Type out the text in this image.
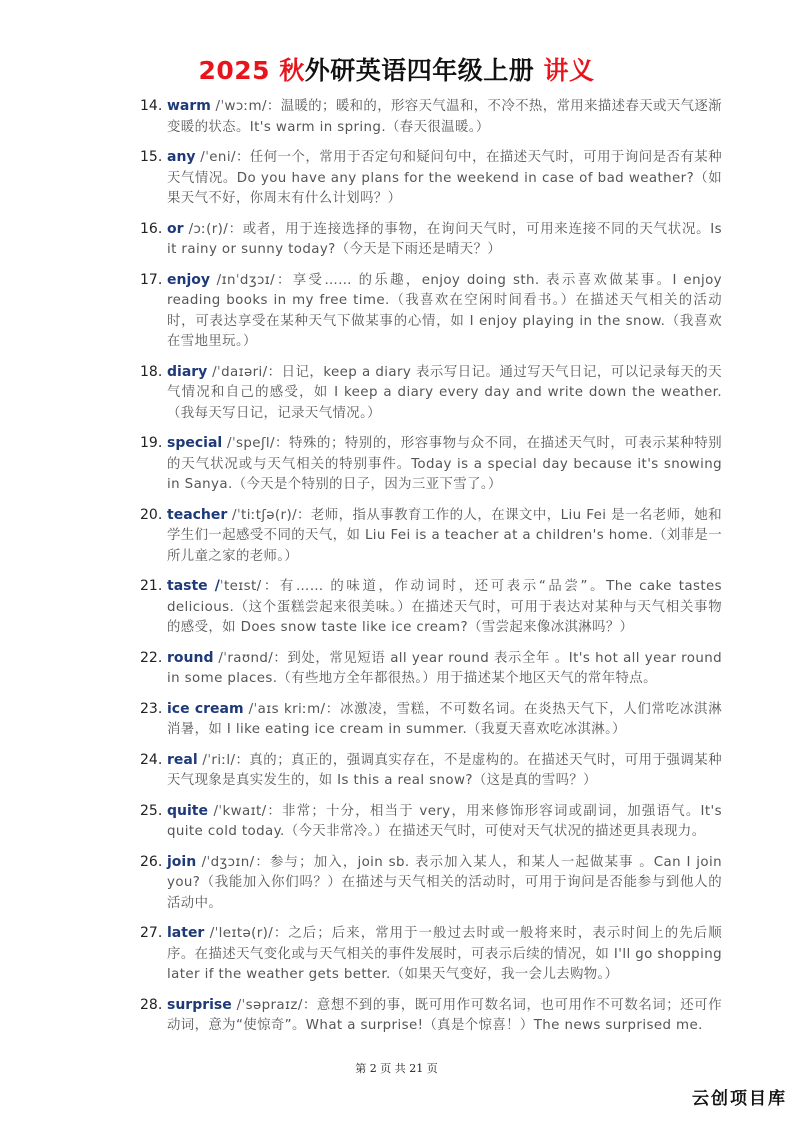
2025 秋外研英语四年级上册 讲义
14. warm /ˈwɔːm/：温暖的；暖和的，形容天气温和，不冷不热，常用来描述春天或天气逐渐变暖的状态。It's warm in spring.（春天很温暖。）
15. any /ˈeni/：任何一个，常用于否定句和疑问句中，在描述天气时，可用于询问是否有某种天气情况。Do you have any plans for the weekend in case of bad weather?（如果天气不好，你周末有什么计划吗？）
16. or /ɔː(r)/：或者，用于连接选择的事物，在询问天气时，可用来连接不同的天气状况。Is it rainy or sunny today?（今天是下雨还是晴天？）
17. enjoy /ɪnˈdʒɔɪ/：享受…… 的乐趣，enjoy doing sth. 表示喜欢做某事。I enjoy reading books in my free time.（我喜欢在空闲时间看书。）在描述天气相关的活动时，可表达享受在某种天气下做某事的心情，如 I enjoy playing in the snow.（我喜欢在雪地里玩。）
18. diary /ˈdaɪəri/：日记，keep a diary 表示写日记。通过写天气日记，可以记录每天的天气情况和自己的感受，如 I keep a diary every day and write down the weather.（我每天写日记，记录天气情况。）
19. special /ˈspeʃl/：特殊的；特别的，形容事物与众不同，在描述天气时，可表示某种特别的天气状况或与天气相关的特别事件。Today is a special day because it's snowing in Sanya.（今天是个特别的日子，因为三亚下雪了。）
20. teacher /ˈtiːtʃə(r)/：老师，指从事教育工作的人，在课文中，Liu Fei 是一名老师，她和学生们一起感受不同的天气，如 Liu Fei is a teacher at a children's home.（刘菲是一所儿童之家的老师。）
21. taste /ˈteɪst/：有…… 的味道，作动词时，还可表示“品尝”。The cake tastes delicious.（这个蛋糕尝起来很美味。）在描述天气时，可用于表达对某种与天气相关事物的感受，如 Does snow taste like ice cream?（雪尝起来像冰淇淋吗？）
22. round /ˈraʊnd/：到处，常见短语 all year round 表示全年 。It's hot all year round in some places.（有些地方全年都很热。）用于描述某个地区天气的常年特点。
23. ice cream /ˈaɪs kriːm/：冰激凌，雪糕，不可数名词。在炎热天气下，人们常吃冰淇淋消暑，如 I like eating ice cream in summer.（我夏天喜欢吃冰淇淋。）
24. real /ˈriːl/：真的；真正的，强调真实存在，不是虚构的。在描述天气时，可用于强调某种天气现象是真实发生的，如 Is this a real snow?（这是真的雪吗？）
25. quite /ˈkwaɪt/：非常；十分，相当于 very，用来修饰形容词或副词，加强语气。It's quite cold today.（今天非常冷。）在描述天气时，可使对天气状况的描述更具表现力。
26. join /ˈdʒɔɪn/：参与；加入，join sb. 表示加入某人，和某人一起做某事 。Can I join you?（我能加入你们吗？）在描述与天气相关的活动时，可用于询问是否能参与到他人的活动中。
27. later /ˈleɪtə(r)/：之后；后来，常用于一般过去时或一般将来时，表示时间上的先后顺序。在描述天气变化或与天气相关的事件发展时，可表示后续的情况，如 I'll go shopping later if the weather gets better.（如果天气变好，我一会儿去购物。）
28. surprise /ˈsəpraɪz/：意想不到的事，既可用作可数名词，也可用作不可数名词；还可作动词，意为“使惊奇”。What a surprise!（真是个惊喜！）The news surprised me.
第 2 页 共 21 页
云创项目库
